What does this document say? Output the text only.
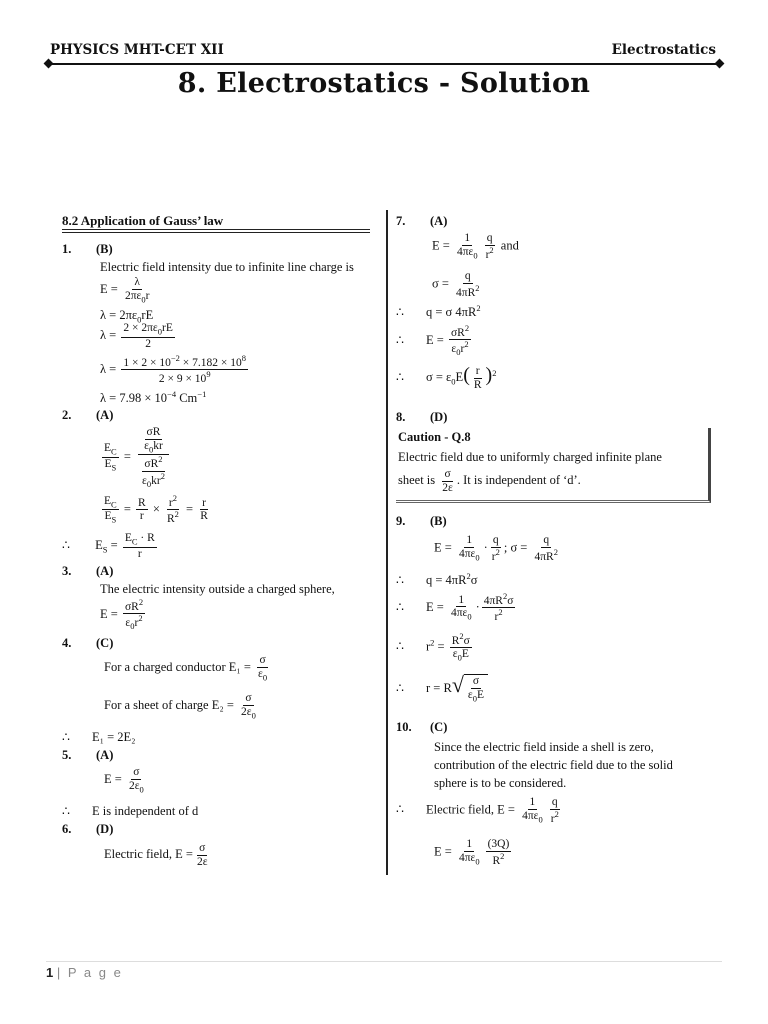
PHYSICS MHT-CET XII	Electrostatics
8. Electrostatics - Solution
8.2 Application of Gauss’ law
1. (B)
Electric field intensity due to infinite line charge is
$E = \frac{\lambda}{2\pi\varepsilon_0r}$
$\lambda = 2\pi\varepsilon_0rE$
$\lambda = \frac{2 \times 2\pi\varepsilon_0rE}{2}$
$\lambda = \frac{1 \times 2 \times 10^{-2} \times 7.182 \times 10^8}{2 \times 9 \times 10^9}$
$\lambda = 7.98 \times 10^{-4}$ $Cm^{-1}$
2. (A)
$\frac{E_C}{E_S} = \frac{\frac{\sigma R}{\varepsilon_0kr}}{\frac{\sigma R^2}{\varepsilon_0kr^2}}$
$\frac{E_C}{E_S} = \frac{R}{r} \times \frac{r^2}{R^2} = \frac{r}{R}$
∴ $E_S = \frac{E_C \cdot R}{r}$
3. (A)
The electric intensity outside a charged sphere,
$E = \frac{\sigma R^2}{\varepsilon_0r^2}$
4. (C)
For a charged conductor $E_1 = \frac{\sigma}{\varepsilon_0}$
For a sheet of charge $E_2 = \frac{\sigma}{2\varepsilon_0}$
∴ E₁ = 2E₂
5. (A)
$E = \frac{\sigma}{2\varepsilon_0}$
∴ E is independent of d
6. (D)
Electric field, $E = \frac{\sigma}{2\varepsilon}$
7. (A)
$E = \frac{1}{4\pi\varepsilon_0} \frac{q}{r^2}$ and
$\sigma = \frac{q}{4\pi R^2}$
∴ q = σ $4\pi R^2$
∴ $E = \frac{\sigma R^2}{\varepsilon_0r^2}$
∴ $\sigma = \varepsilon_0E( \frac{r}{R} )^2$
8. (D)
Caution - Q.8
Electric field due to uniformly charged infinite plane
sheet is $\frac{\sigma}{2\varepsilon}$ . It is independent of ‘d’.
9. (B)
$E = \frac{1}{4\pi\varepsilon_0} \cdot \frac{q}{r^2}$ ; $\sigma = \frac{q}{4\pi R^2}$
∴ $q = 4\pi R^2\sigma$
∴ $E = \frac{1}{4\pi\varepsilon_0} \cdot \frac{4\pi R^2\sigma}{r^2}$
∴ $r^2 = \frac{R^2\sigma}{\varepsilon_0E}$
∴ $r = R√ \frac{\sigma}{\varepsilon_0E}$
10. (C)
Since the electric field inside a shell is zero,
contribution of the electric field due to the solid
sphere is to be considered.
∴ Electric field, $E = \frac{1}{4\pi\varepsilon_0} \frac{q}{r^2}$
$E = \frac{1}{4\pi\varepsilon_0} \frac{(3Q)}{R^2}$
1 | P a g e
